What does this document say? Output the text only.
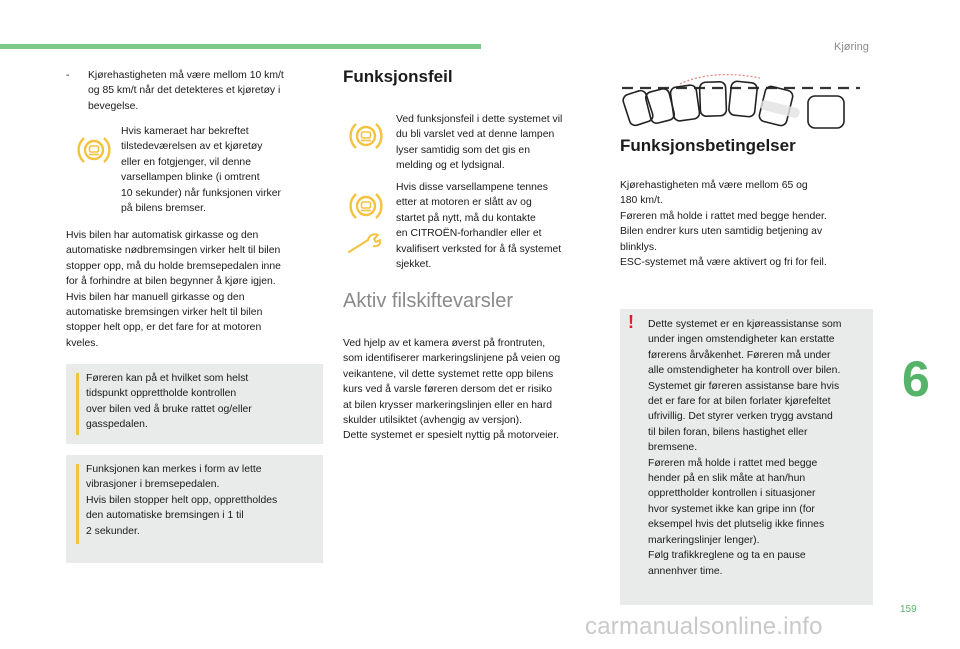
Kjøring
6
159
carmanualsonline.info
-	Kjørehastigheten må være mellom 10 km/t
og 85 km/t når det detekteres et kjøretøy i
bevegelse.
Hvis kameraet har bekreftet
tilstedeværelsen av et kjøretøy
eller en fotgjenger, vil denne
varsellampen blinke (i omtrent
10 sekunder) når funksjonen virker
på bilens bremser.
Hvis bilen har automatisk girkasse og den
automatiske nødbremsingen virker helt til bilen
stopper opp, må du holde bremsepedalen inne
for å forhindre at bilen begynner å kjøre igjen.
Hvis bilen har manuell girkasse og den
automatiske bremsingen virker helt til bilen
stopper helt opp, er det fare for at motoren
kveles.
Føreren kan på et hvilket som helst
tidspunkt opprettholde kontrollen
over bilen ved å bruke rattet og/eller
gasspedalen.
Funksjonen kan merkes i form av lette
vibrasjoner i bremsepedalen.
Hvis bilen stopper helt opp, opprettholdes
den automatiske bremsingen i 1 til
2 sekunder.
Funksjonsfeil
Ved funksjonsfeil i dette systemet vil
du bli varslet ved at denne lampen
lyser samtidig som det gis en
melding og et lydsignal.
Hvis disse varsellampene tennes
etter at motoren er slått av og
startet på nytt, må du kontakte
en CITROËN-forhandler eller et
kvalifisert verksted for å få systemet
sjekket.
Aktiv filskiftevarsler
Ved hjelp av et kamera øverst på frontruten,
som identifiserer markeringslinjene på veien og
veikantene, vil dette systemet rette opp bilens
kurs ved å varsle føreren dersom det er risiko
at bilen krysser markeringslinjen eller en hard
skulder utilsiktet (avhengig av versjon).
Dette systemet er spesielt nyttig på motorveier.
Funksjonsbetingelser
Kjørehastigheten må være mellom 65 og
180 km/t.
Føreren må holde i rattet med begge hender.
Bilen endrer kurs uten samtidig betjening av
blinklys.
ESC-systemet må være aktivert og fri for feil.
! Dette systemet er en kjøreassistanse som
under ingen omstendigheter kan erstatte
førerens årvåkenhet. Føreren må under
alle omstendigheter ha kontroll over bilen.
Systemet gir føreren assistanse bare hvis
det er fare for at bilen forlater kjørefeltet
ufrivillig. Det styrer verken trygg avstand
til bilen foran, bilens hastighet eller
bremsene.
Føreren må holde i rattet med begge
hender på en slik måte at han/hun
opprettholder kontrollen i situasjoner
hvor systemet ikke kan gripe inn (for
eksempel hvis det plutselig ikke finnes
markeringslinjer lenger).
Følg trafikkreglene og ta en pause
annenhver time.
